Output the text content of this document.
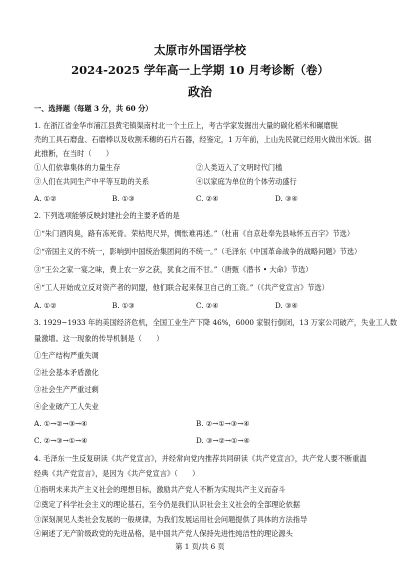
太原市外国语学校
2024-2025 学年高一上学期 10 月考诊断（卷）
政治
一、选择题（每题 3 分，共 60 分）
1. 在浙江省金华市浦江县黄宅镇渠南村北一个土丘上，考古学家发掘出大量的碳化稻米和碾磨脱
壳的工具石磨盘、石磨棒以及收割禾穗的石片石器，经鉴定，1 万年前，上山先民就已经用火做出米饭。据
此推断，在当时（　　）
①人们依靠集体的力量生存	②人类迈入了文明时代门槛
③人们在共同生产中平等互助的关系	④以家庭为单位的个体劳动盛行
A. ①②	B. ①③	C. ②④	D. ③④
2. 下列选项能够反映封建社会的主要矛盾的是
①“朱门酒肉臭，路有冻死骨。荣枯咫尺异，惆怅难再述。”（杜甫《自京赴奉先县咏怀五百字》节选）
②“帝国主义的不统一，影响到中国统治集团间的不统一。”（毛泽东《中国革命战争的战略问题》节选）
③“王公之家一宴之味，费上农一岁之获，犹食之而不甘。”（唐甄《潜书 • 大命》节选）
④“工人开始成立反对资产者的同盟，他们联合起来保卫自己的工资。”（《共产党宣言》节选）
A. ①②	B. ①③	C. ②④	D. ③④
3. 1929~1933 年的美国经济危机，全国工业生产下降 46%，6000 家银行倒闭，13 万家公司破产，失业工人数
量激增。这一现象的传导机制是（　　）
①生产结构严重失调
②社会基本矛盾激化
③社会生产严重过剩
④企业破产工人失业
A. ①→②→③→④	B. ②→①→③→④
C. ②→③→①→④	D. ③→②→①→④
4. 毛泽东一生反复研读《共产党宣言》，并经常向党内推荐共同研读《共产党宣言》，共产党人要不断重温
经典《共产党宣言》，是因为《共产党宣言》（　　）
①指明未来共产主义社会的理想目标，激励共产党人不断为实现共产主义而奋斗
②奠定了科学社会主义的理论基石，至今仍是我们认识社会主义社会的全部理论依据
③深刻洞见人类社会发展的一般规律，为我们发展运用社会问题提供了具体的方法指导
④阐述了无产阶级政党的先进品格，是中国共产党人保持先进性纯洁性的理论源头
第 1 页/共 6 页
